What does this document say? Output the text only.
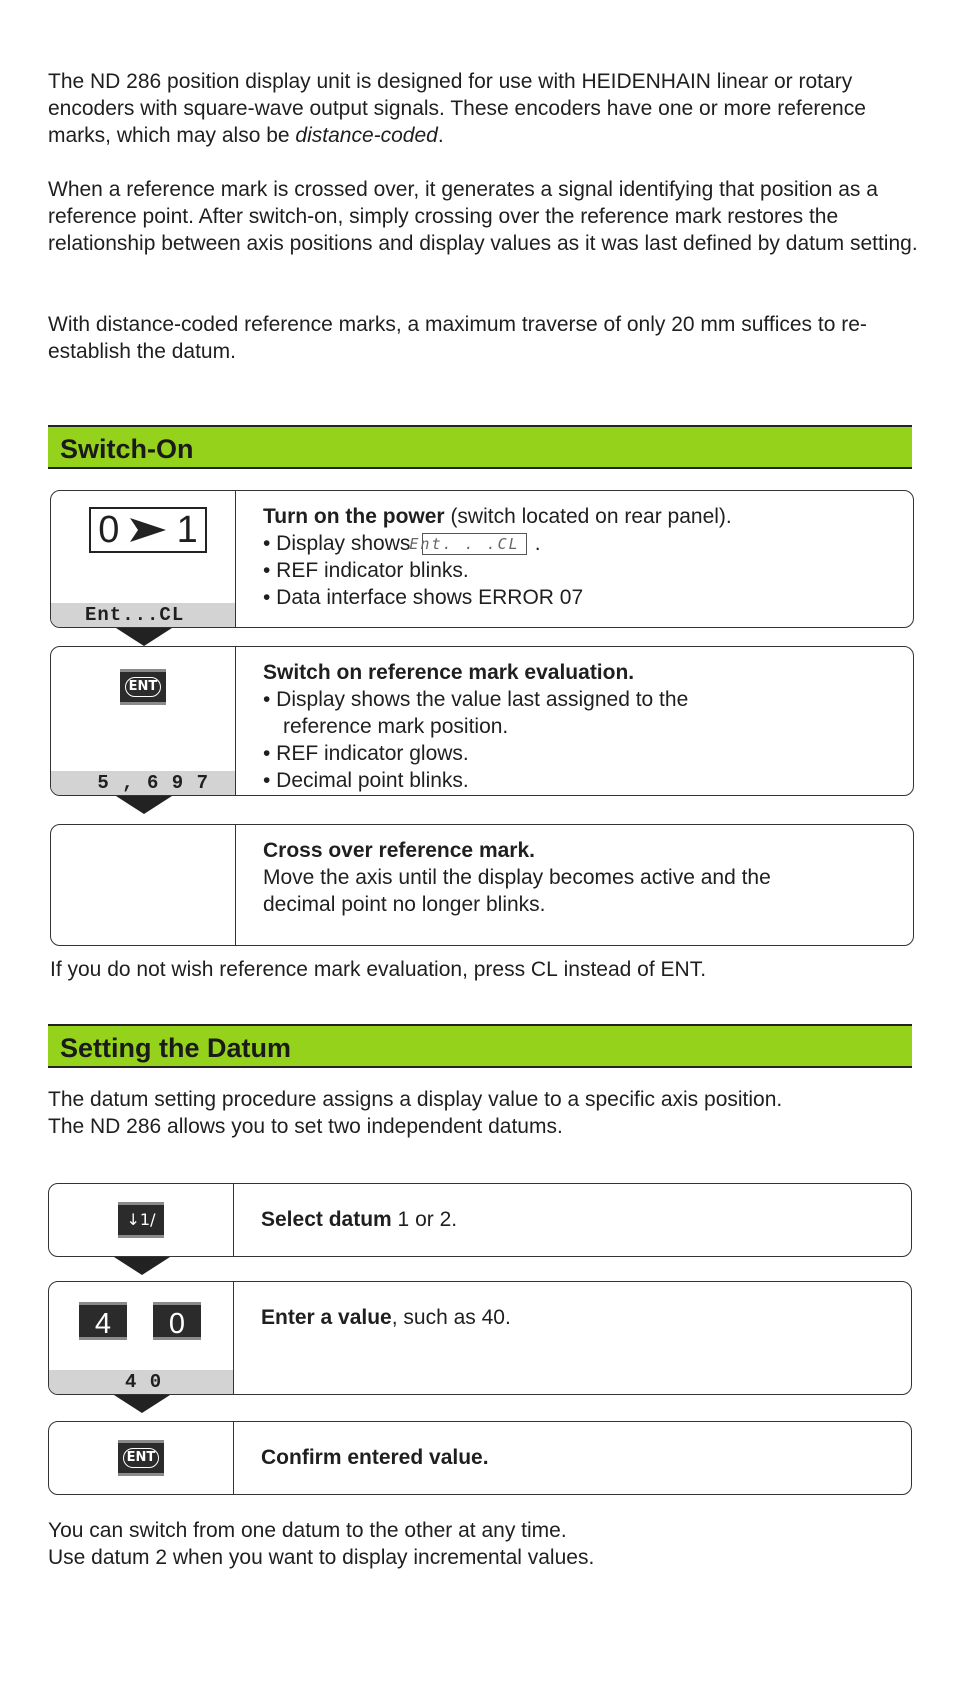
The ND 286 position display unit is designed for use with HEIDENHAIN linear or rotary encoders with square-wave output signals. These encoders have one or more reference marks, which may also be distance-coded.

When a reference mark is crossed over, it generates a signal identifying that position as a reference point. After switch-on, simply crossing over the reference mark restores the relationship between axis positions and display values as it was last defined by datum setting.

With distance-coded reference marks, a maximum traverse of only 20 mm suffices to re-establish the datum.

Switch-On
0 1
Ent...CL
Turn on the power (switch located on rear panel).
• Display showsEnt. . .CL .
• REF indicator blinks.
• Data interface shows ERROR 07
ENT
5 , 6 9 7
Switch on reference mark evaluation.
• Display shows the value last assigned to the reference mark position.
• REF indicator glows.
• Decimal point blinks.
Cross over reference mark.
Move the axis until the display becomes active and the decimal point no longer blinks.

If you do not wish reference mark evaluation, press CL instead of ENT.

Setting the Datum

The datum setting procedure assigns a display value to a specific axis position.

The ND 286 allows you to set two independent datums.

↓1/↓2
Select datum 1 or 2.
4	0
4 0
Enter a value, such as 40.
ENT	Confirm entered value.

You can switch from one datum to the other at any time.

Use datum 2 when you want to display incremental values.
